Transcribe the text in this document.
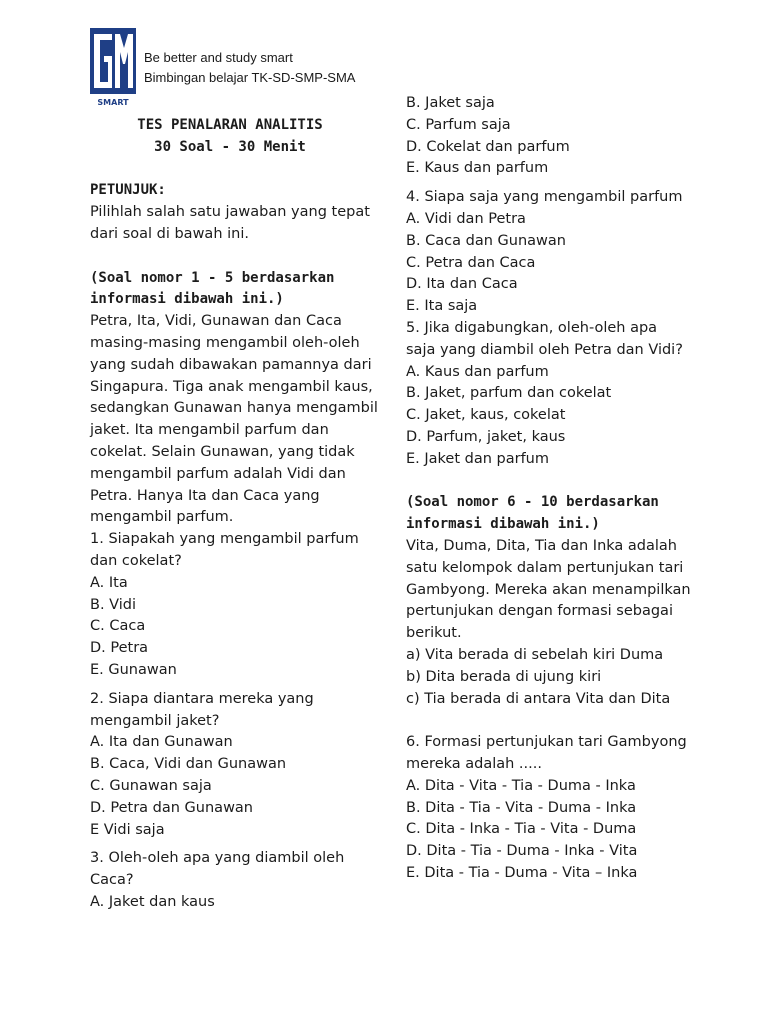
SMART
Be better and study smart
Bimbingan belajar TK-SD-SMP-SMA
TES PENALARAN ANALITIS
30 Soal - 30 Menit
PETUNJUK:
Pilihlah salah satu jawaban yang tepat
dari soal di bawah ini.
(Soal nomor 1 - 5 berdasarkan
informasi dibawah ini.)
Petra, Ita, Vidi, Gunawan dan Caca
masing-masing mengambil oleh-oleh
yang sudah dibawakan pamannya dari
Singapura. Tiga anak mengambil kaus,
sedangkan Gunawan hanya mengambil
jaket. Ita mengambil parfum dan
cokelat. Selain Gunawan, yang tidak
mengambil parfum adalah Vidi dan
Petra. Hanya Ita dan Caca yang
mengambil parfum.
1. Siapakah yang mengambil parfum
dan cokelat?
A. Ita
B. Vidi
C. Caca
D. Petra
E. Gunawan
2. Siapa diantara mereka yang
mengambil jaket?
A. Ita dan Gunawan
B. Caca, Vidi dan Gunawan
C. Gunawan saja
D. Petra dan Gunawan
E Vidi saja
3. Oleh-oleh apa yang diambil oleh
Caca?
A. Jaket dan kaus
B. Jaket saja
C. Parfum saja
D. Cokelat dan parfum
E. Kaus dan parfum
4. Siapa saja yang mengambil parfum
A. Vidi dan Petra
B. Caca dan Gunawan
C. Petra dan Caca
D. Ita dan Caca
E. Ita saja
5. Jika digabungkan, oleh-oleh apa
saja yang diambil oleh Petra dan Vidi?
A. Kaus dan parfum
B. Jaket, parfum dan cokelat
C. Jaket, kaus, cokelat
D. Parfum, jaket, kaus
E. Jaket dan parfum
(Soal nomor 6 - 10 berdasarkan
informasi dibawah ini.)
Vita, Duma, Dita, Tia dan Inka adalah
satu kelompok dalam pertunjukan tari
Gambyong. Mereka akan menampilkan
pertunjukan dengan formasi sebagai
berikut.
a) Vita berada di sebelah kiri Duma
b) Dita berada di ujung kiri
c) Tia berada di antara Vita dan Dita
6. Formasi pertunjukan tari Gambyong
mereka adalah .....
A. Dita - Vita - Tia - Duma - Inka
B. Dita - Tia - Vita - Duma - Inka
C. Dita - Inka - Tia - Vita - Duma
D. Dita - Tia - Duma - Inka - Vita
E. Dita - Tia - Duma - Vita – Inka
